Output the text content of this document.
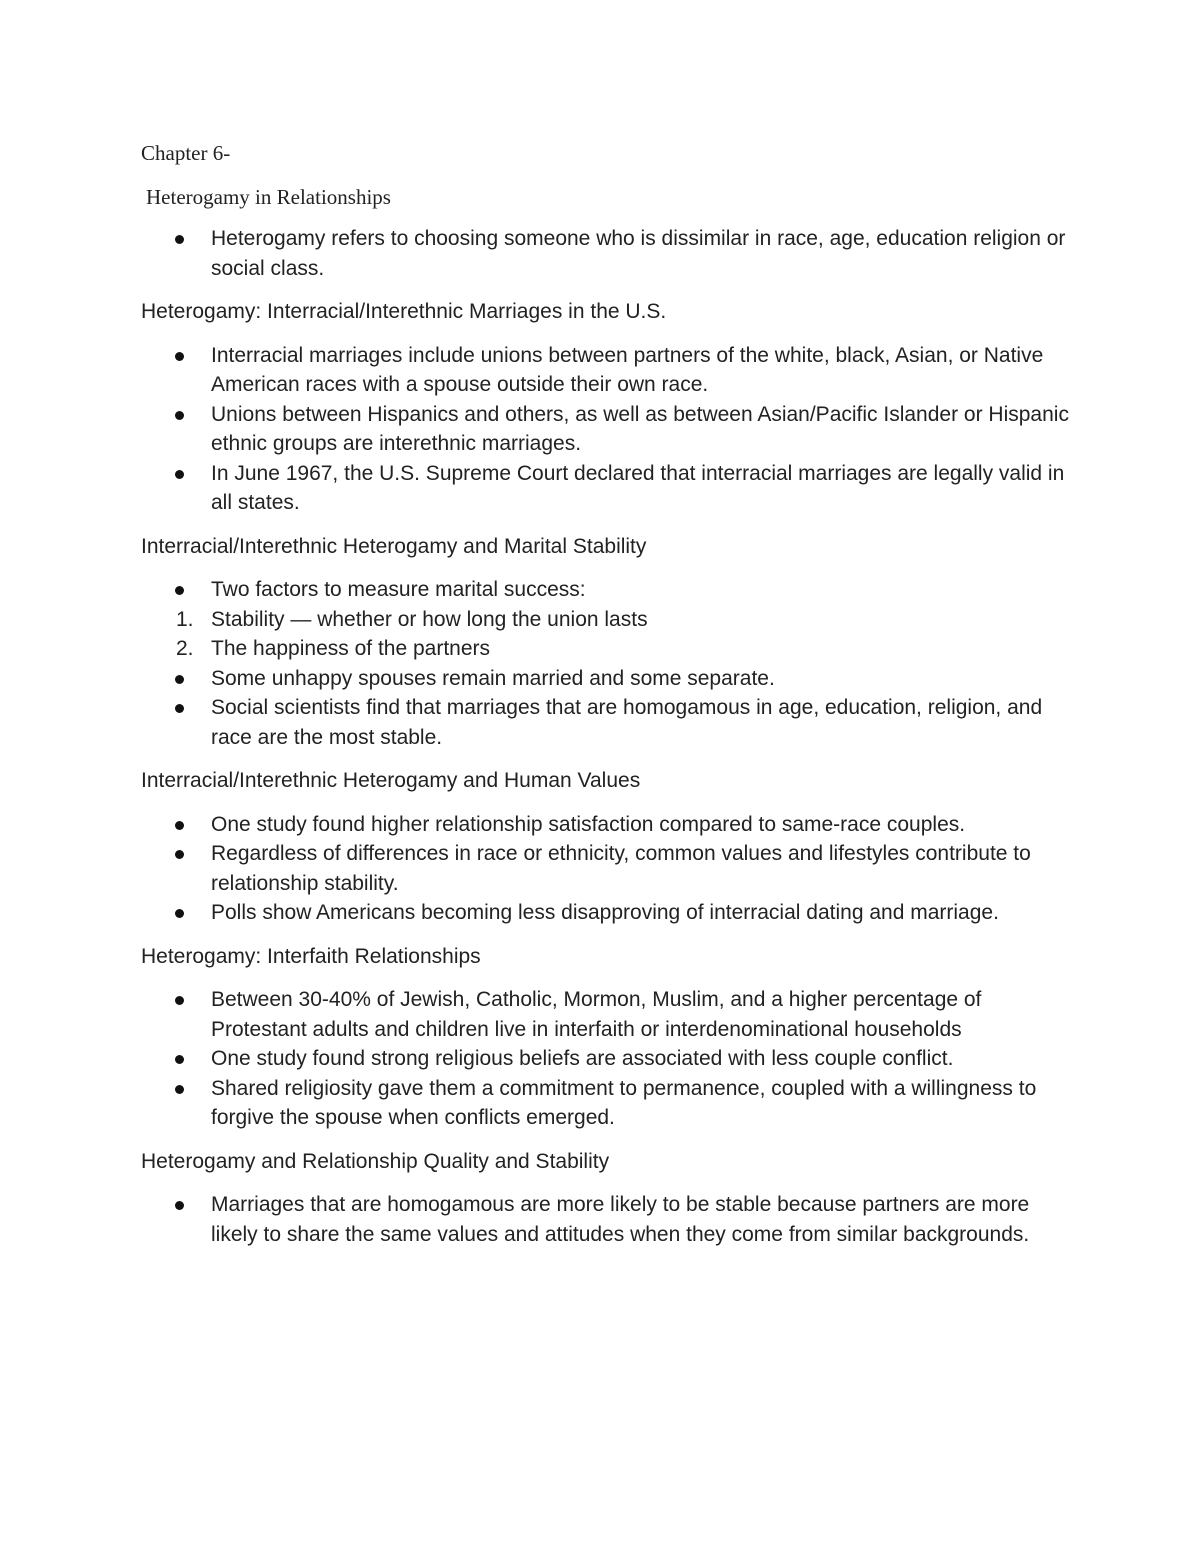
Chapter 6-

Heterogamy in Relationships

Heterogamy refers to choosing someone who is dissimilar in race, age, education religion or social class.

Heterogamy: Interracial/Interethnic Marriages in the U.S.

Interracial marriages include unions between partners of the white, black, Asian, or Native American races with a spouse outside their own race.
Unions between Hispanics and others, as well as between Asian/Pacific Islander or Hispanic ethnic groups are interethnic marriages.
In June 1967, the U.S. Supreme Court declared that interracial marriages are legally valid in all states.

Interracial/Interethnic Heterogamy and Marital Stability

Two factors to measure marital success:
1. Stability — whether or how long the union lasts
2. The happiness of the partners
Some unhappy spouses remain married and some separate.
Social scientists find that marriages that are homogamous in age, education, religion, and race are the most stable.

Interracial/Interethnic Heterogamy and Human Values

One study found higher relationship satisfaction compared to same-race couples.
Regardless of differences in race or ethnicity, common values and lifestyles contribute to relationship stability.
Polls show Americans becoming less disapproving of interracial dating and marriage.

Heterogamy: Interfaith Relationships

Between 30-40% of Jewish, Catholic, Mormon, Muslim, and a higher percentage of Protestant adults and children live in interfaith or interdenominational households
One study found strong religious beliefs are associated with less couple conflict.
Shared religiosity gave them a commitment to permanence, coupled with a willingness to forgive the spouse when conflicts emerged.

Heterogamy and Relationship Quality and Stability

Marriages that are homogamous are more likely to be stable because partners are more likely to share the same values and attitudes when they come from similar backgrounds.
